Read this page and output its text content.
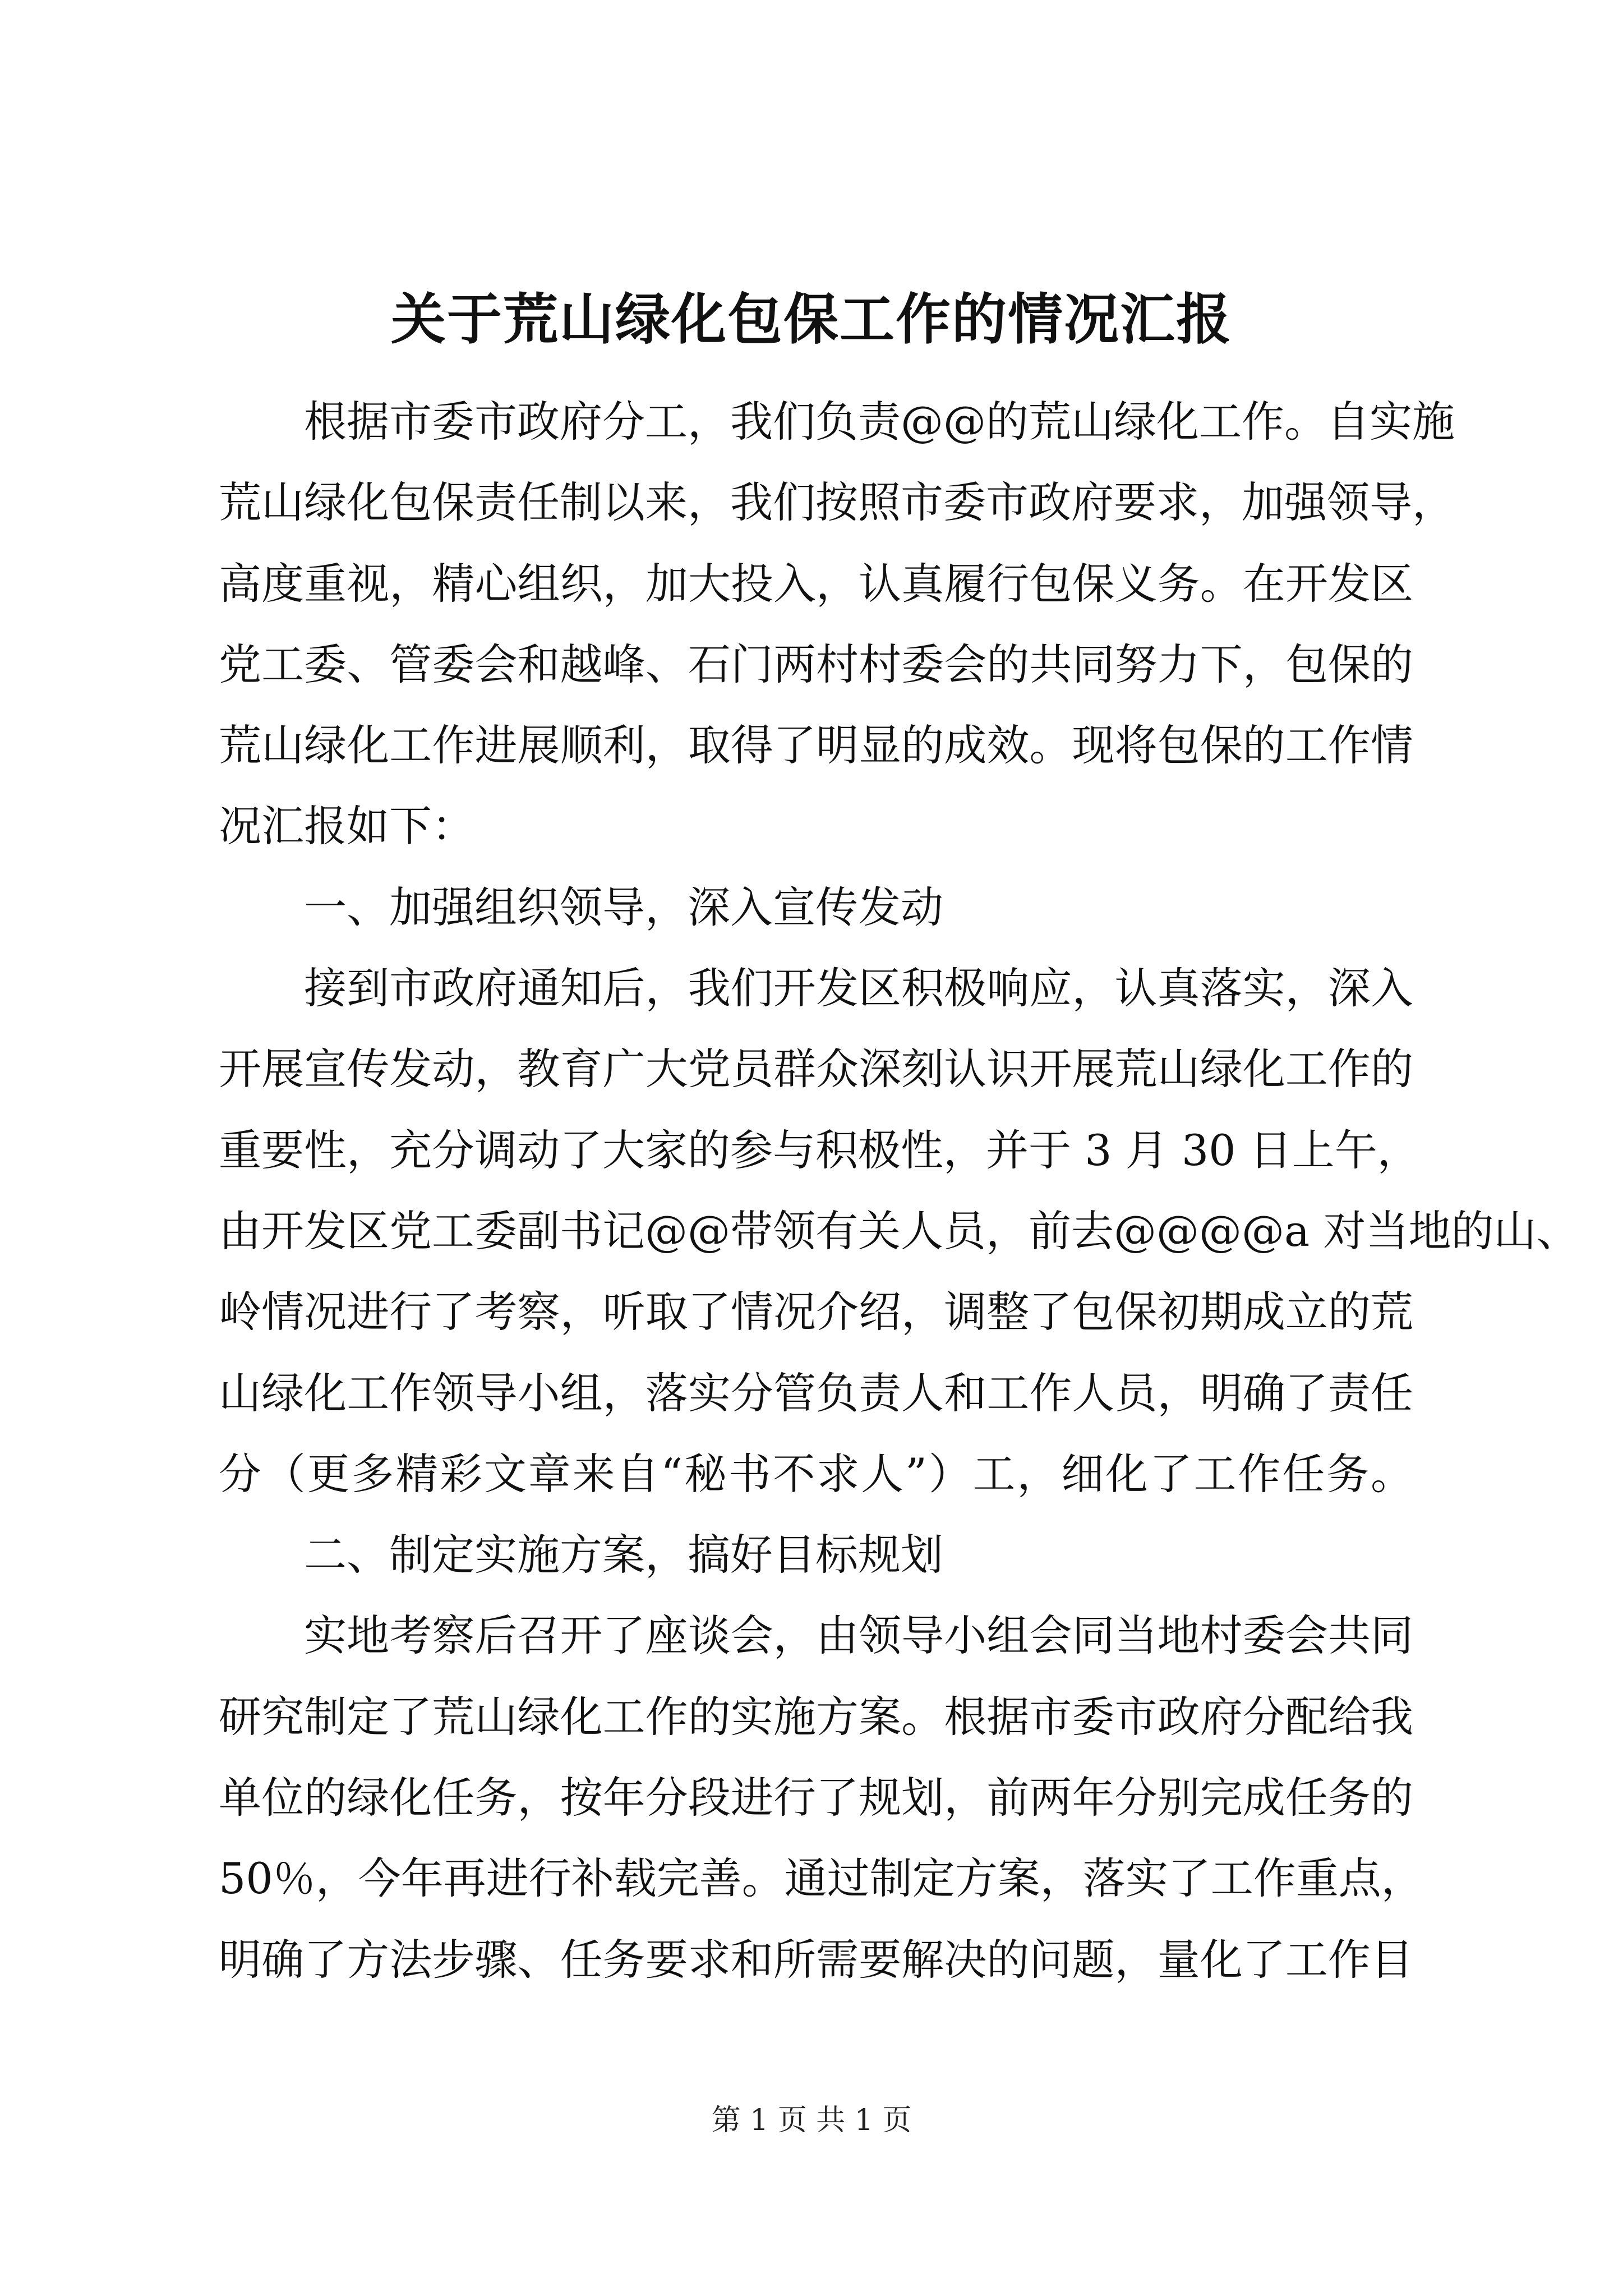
关于荒山绿化包保工作的情况汇报
根据市委市政府分工，我们负责@@的荒山绿化工作。自实施
荒山绿化包保责任制以来，我们按照市委市政府要求，加强领导，
高度重视，精心组织，加大投入，认真履行包保义务。在开发区
党工委、管委会和越峰、石门两村村委会的共同努力下，包保的
荒山绿化工作进展顺利，取得了明显的成效。现将包保的工作情
况汇报如下：
一、加强组织领导，深入宣传发动
接到市政府通知后，我们开发区积极响应，认真落实，深入
开展宣传发动，教育广大党员群众深刻认识开展荒山绿化工作的
重要性，充分调动了大家的参与积极性，并于 3 月 30 日上午，
由开发区党工委副书记@@带领有关人员，前去@@@@a 对当地的山、
岭情况进行了考察，听取了情况介绍，调整了包保初期成立的荒
山绿化工作领导小组，落实分管负责人和工作人员，明确了责任
分（更多精彩文章来自“秘书不求人”）工，细化了工作任务。
二、制定实施方案，搞好目标规划
实地考察后召开了座谈会，由领导小组会同当地村委会共同
研究制定了荒山绿化工作的实施方案。根据市委市政府分配给我
单位的绿化任务，按年分段进行了规划，前两年分别完成任务的
50％，今年再进行补载完善。通过制定方案，落实了工作重点，
明确了方法步骤、任务要求和所需要解决的问题，量化了工作目
第 1 页 共 1 页
